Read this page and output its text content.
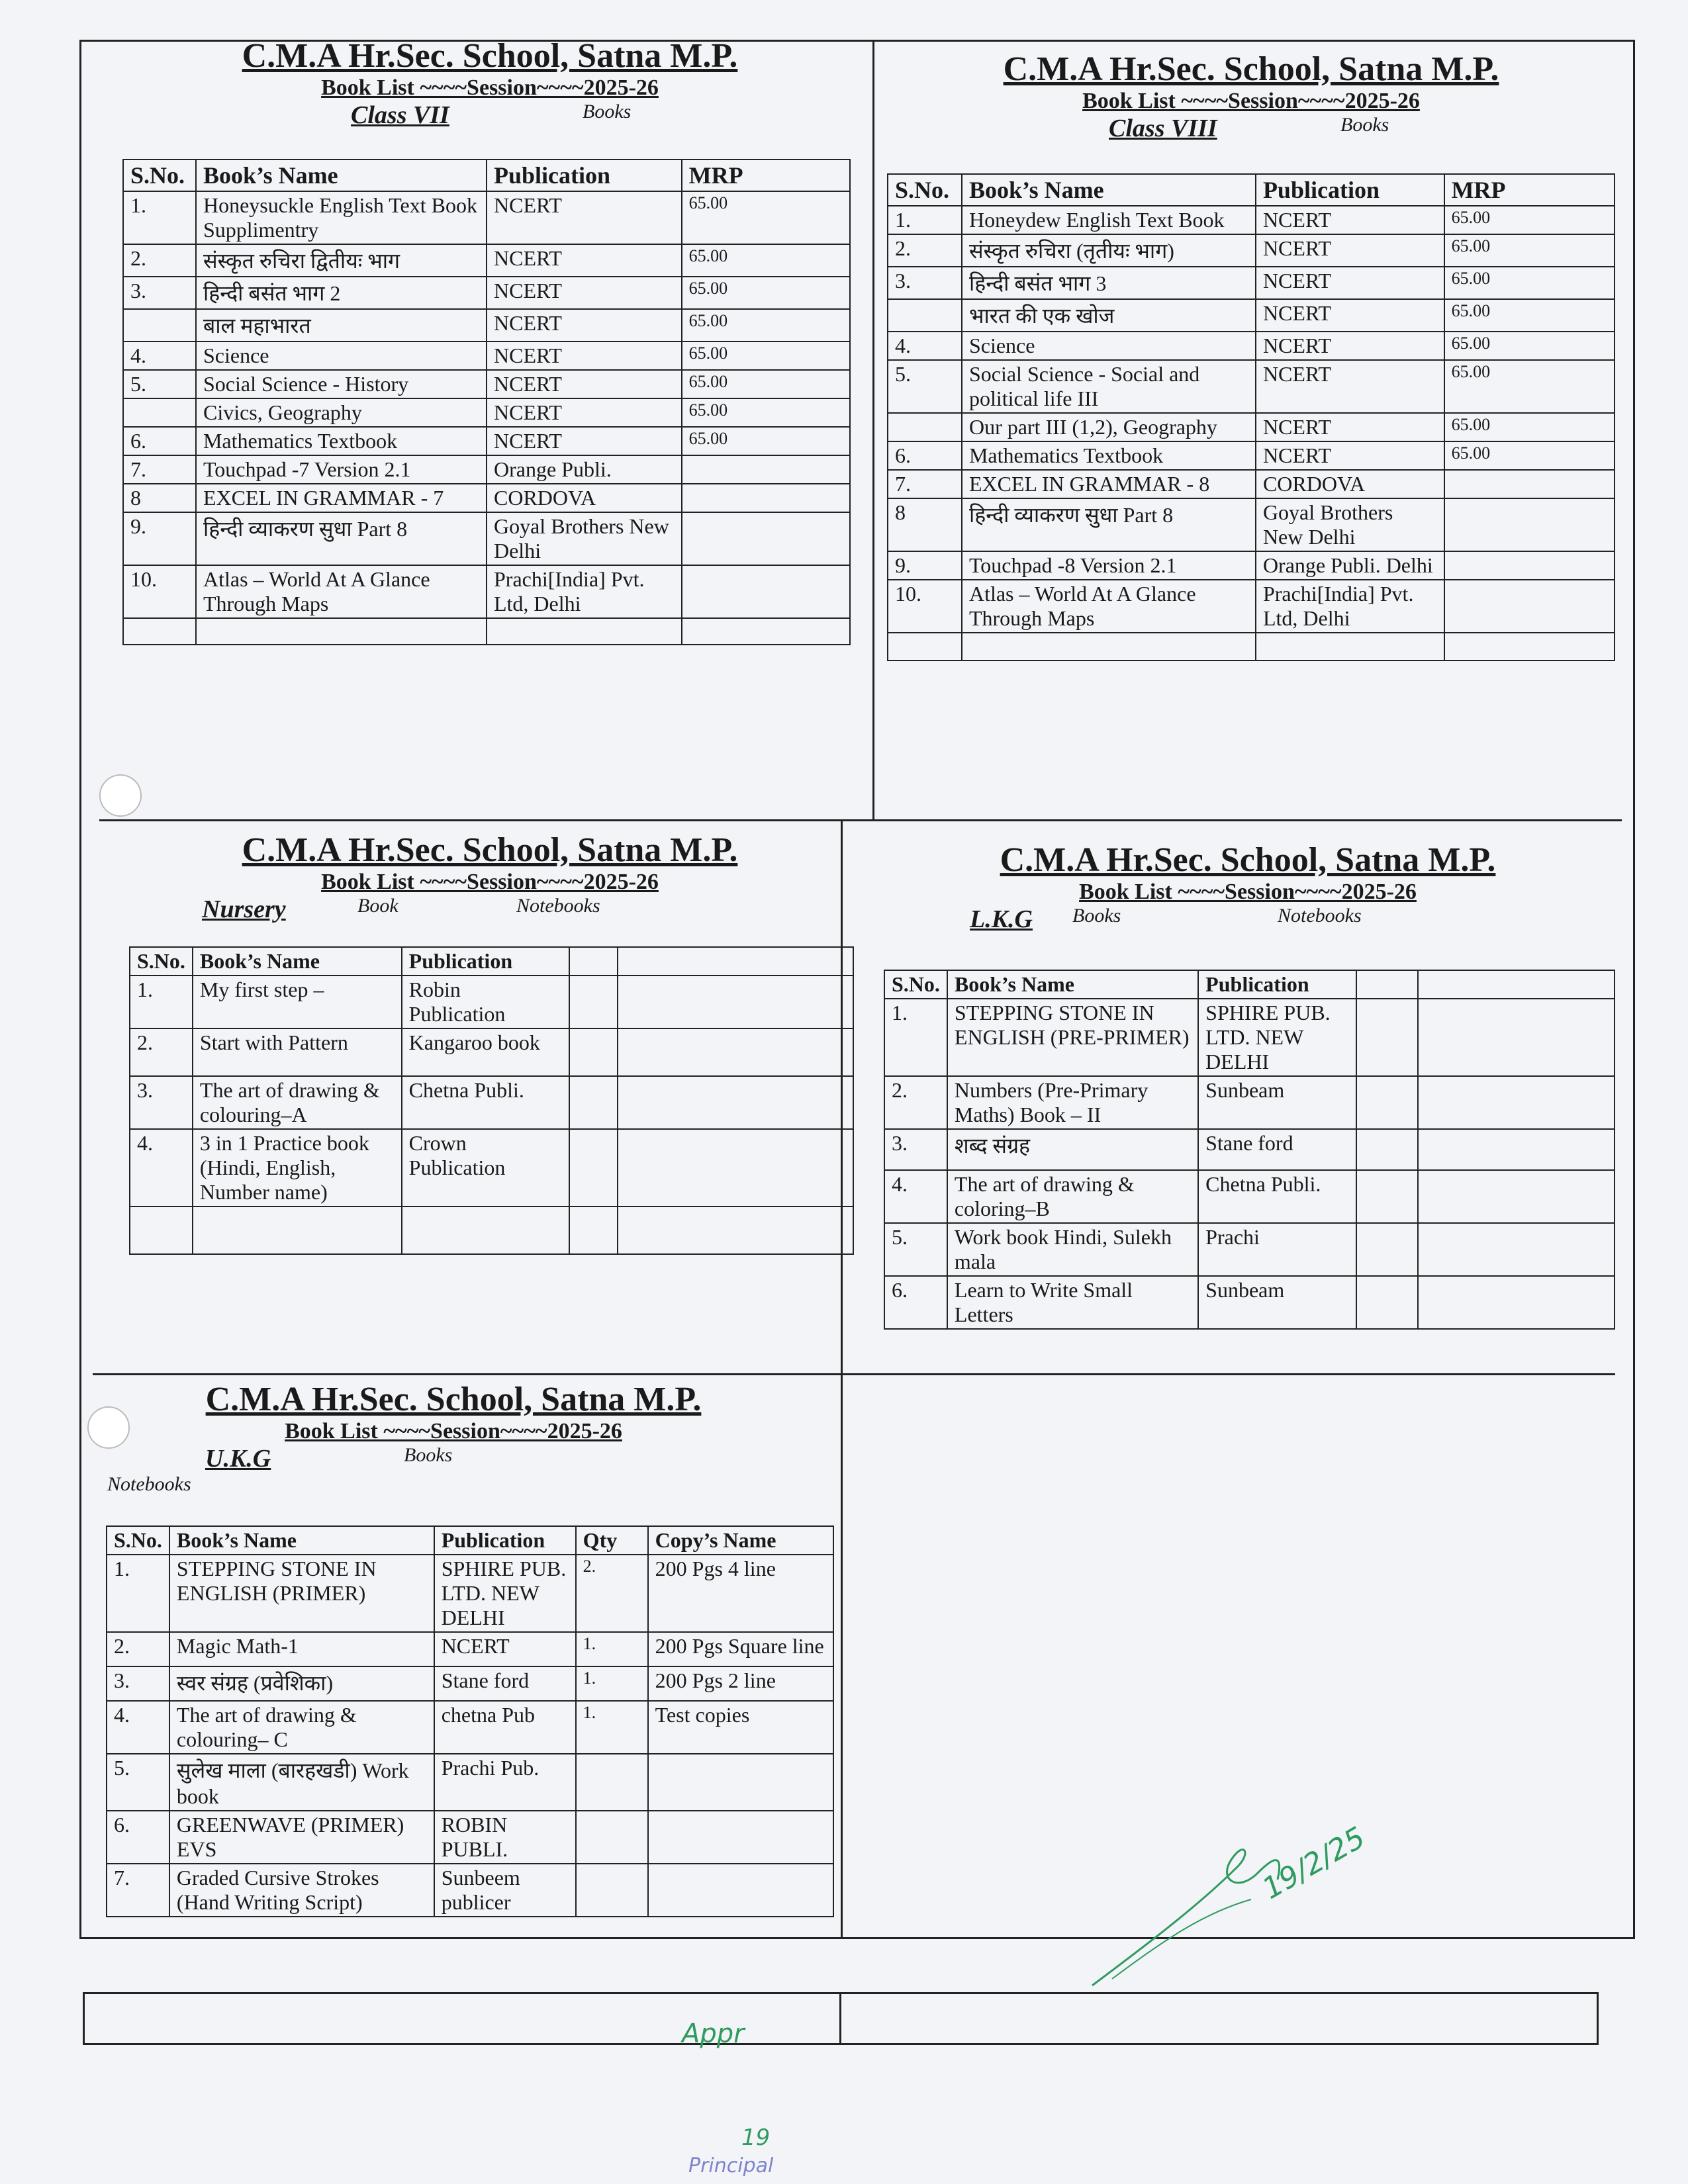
C.M.A Hr.Sec. School, Satna M.P.
Book List ~~~~Session~~~~2025-26
Class VII	Books
S.No.	Book’s Name	Publication	MRP
1.	Honeysuckle English Text Book Supplimentry	NCERT	65.00
2.	संस्कृत रुचिरा द्वितीयः भाग	NCERT	65.00
3.	हिन्दी बसंत भाग 2	NCERT	65.00
	बाल महाभारत	NCERT	65.00
4.	Science	NCERT	65.00
5.	Social Science - History	NCERT	65.00
	Civics, Geography	NCERT	65.00
6.	Mathematics Textbook	NCERT	65.00
7.	Touchpad -7 Version 2.1	Orange Publi.	
8	EXCEL IN GRAMMAR - 7	CORDOVA	
9.	हिन्दी व्याकरण सुधा Part 8	Goyal Brothers New Delhi	
10.	Atlas – World At A Glance Through Maps	Prachi[India] Pvt. Ltd, Delhi	

C.M.A Hr.Sec. School, Satna M.P.
Book List ~~~~Session~~~~2025-26
Class VIII	Books
S.No.	Book’s Name	Publication	MRP
1.	Honeydew English Text Book	NCERT	65.00
2.	संस्कृत रुचिरा (तृतीयः भाग)	NCERT	65.00
3.	हिन्दी बसंत भाग 3	NCERT	65.00
	भारत की एक खोज	NCERT	65.00
4.	Science	NCERT	65.00
5.	Social Science - Social and political life III	NCERT	65.00
	Our part III (1,2), Geography	NCERT	65.00
6.	Mathematics Textbook	NCERT	65.00
7.	EXCEL IN GRAMMAR - 8	CORDOVA	
8	हिन्दी व्याकरण सुधा Part 8	Goyal Brothers New Delhi	
9.	Touchpad -8 Version 2.1	Orange Publi. Delhi	
10.	Atlas – World At A Glance Through Maps	Prachi[India] Pvt. Ltd, Delhi	

C.M.A Hr.Sec. School, Satna M.P.
Book List ~~~~Session~~~~2025-26
Nursery	Book	Notebooks
S.No.	Book’s Name	Publication		
1.	My first step –	Robin Publication		
2.	Start with Pattern	Kangaroo book		
3.	The art of drawing & colouring–A	Chetna Publi.		
4.	3 in 1 Practice book (Hindi, English, Number name)	Crown Publication		

C.M.A Hr.Sec. School, Satna M.P.
Book List ~~~~Session~~~~2025-26
L.K.G Books	Notebooks
S.No.	Book’s Name	Publication		
1.	STEPPING STONE IN ENGLISH (PRE-PRIMER)	SPHIRE PUB. LTD. NEW DELHI		
2.	Numbers (Pre-Primary Maths) Book – II	Sunbeam		
3.	शब्द संग्रह	Stane ford		
4.	The art of drawing & coloring–B	Chetna Publi.		
5.	Work book Hindi, Sulekh mala	Prachi		
6.	Learn to Write Small Letters	Sunbeam		
C.M.A Hr.Sec. School, Satna M.P.
Book List ~~~~Session~~~~2025-26
U.K.G	Books
Notebooks
S.No.	Book’s Name	Publication	Qty	Copy’s Name
1.	STEPPING STONE IN ENGLISH (PRIMER)	SPHIRE PUB. LTD. NEW DELHI	2.	200 Pgs 4 line
2.	Magic Math-1	NCERT	1.	200 Pgs Square line
3.	स्वर संग्रह (प्रवेशिका)	Stane ford	1.	200 Pgs 2 line
4.	The art of drawing & colouring– C	chetna Pub	1.	Test copies
5.	सुलेख माला (बारहखडी) Work book	Prachi Pub.		
6.	GREENWAVE (PRIMER) EVS	ROBIN PUBLI.		
7.	Graded Cursive Strokes (Hand Writing Script)	Sunbeem publicer			19/2/25
Appr
19
Principal
